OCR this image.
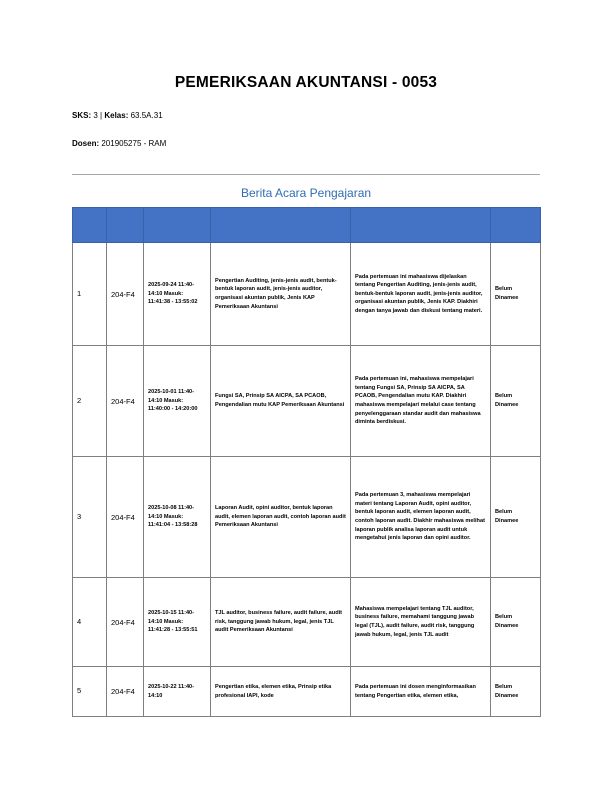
PEMERIKSAAN AKUNTANSI - 0053
SKS: 3 | Kelas: 63.5A.31
Dosen: 201905275 - RAM
Berita Acara Pengajaran

1	204-F4	2025-09-24 11:40-14:10 Masuk: 11:41:38 - 13:55:02	Pengertian Auditing, jenis-jenis audit, bentuk-bentuk laporan audit, jenis-jenis auditor, organisasi akuntan publik, Jenis KAP Pemeriksaan Akuntansi	Pada pertemuan ini mahasiswa dijelaskan tentang Pengertian Auditing, jenis-jenis audit, bentuk-bentuk laporan audit, jenis-jenis auditor, organisasi akuntan publik, Jenis KAP. Diakhiri dengan tanya jawab dan diskusi tentang materi.	Belum Dinamee
2	204-F4	2025-10-01 11:40-14:10 Masuk: 11:40:00 - 14:20:00	Fungsi SA, Prinsip SA AICPA, SA PCAOB, Pengendalian mutu KAP Pemeriksaan Akuntansi	Pada pertemuan ini, mahasiswa mempelajari tentang Fungsi SA, Prinsip SA AICPA, SA PCAOB, Pengendalian mutu KAP. Diakhiri mahasiswa mempelajari melalui case tentang penyelenggaraan standar audit dan mahasiswa diminta berdiskusi.	Belum Dinamee
3	204-F4	2025-10-08 11:40-14:10 Masuk: 11:41:04 - 13:58:28	Laporan Audit, opini auditor, bentuk laporan audit, elemen laporan audit, contoh laporan audit Pemeriksaan Akuntansi	Pada pertemuan 3, mahasiswa mempelajari materi tentang Laporan Audit, opini auditor, bentuk laporan audit, elemen laporan audit, contoh laporan audit. Diakhir mahasiswa melihat laporan publik analisa laporan audit untuk mengetahui jenis laporan dan opini auditor.	Belum Dinamee
4	204-F4	2025-10-15 11:40-14:10 Masuk: 11:41:28 - 13:55:51	TJL auditor, business failure, audit failure, audit risk, tanggung jawab hukum, legal, jenis TJL audit Pemeriksaan Akuntansi	Mahasiswa mempelajari tentang TJL auditor, business failure, memahami tanggung jawab legal (TJL), audit failure, audit risk, tanggung jawab hukum, legal, jenis TJL audit	Belum Dinamee
5	204-F4	2025-10-22 11:40-14:10	Pengertian etika, elemen etika, Prinsip etika profesional IAPI, kode	Pada pertemuan ini dosen menginformasikan tentang Pengertian etika, elemen etika,	Belum Dinamee
